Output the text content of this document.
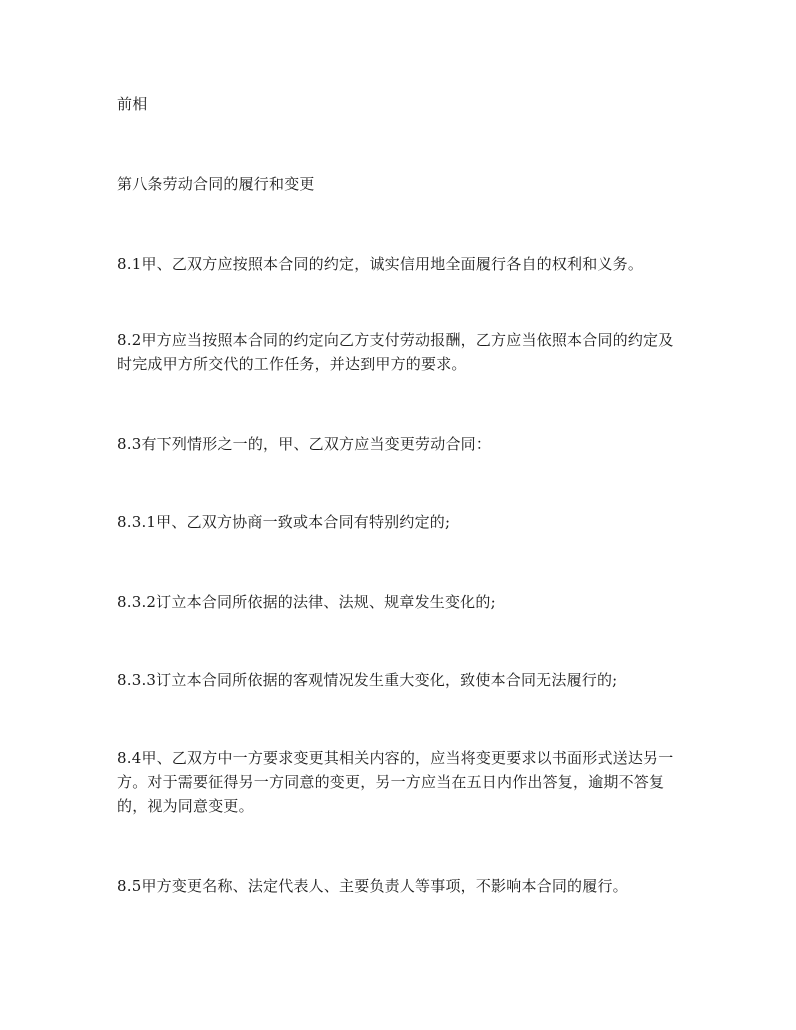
前相

第八条劳动合同的履行和变更

8.1甲、乙双方应按照本合同的约定，诚实信用地全面履行各自的权利和义务。

8.2甲方应当按照本合同的约定向乙方支付劳动报酬，乙方应当依照本合同的约定及时完成甲方所交代的工作任务，并达到甲方的要求。

8.3有下列情形之一的，甲、乙双方应当变更劳动合同：

8.3.1甲、乙双方协商一致或本合同有特别约定的;

8.3.2订立本合同所依据的法律、法规、规章发生变化的;

8.3.3订立本合同所依据的客观情况发生重大变化，致使本合同无法履行的;

8.4甲、乙双方中一方要求变更其相关内容的，应当将变更要求以书面形式送达另一方。对于需要征得另一方同意的变更，另一方应当在五日内作出答复，逾期不答复的，视为同意变更。

8.5甲方变更名称、法定代表人、主要负责人等事项，不影响本合同的履行。
